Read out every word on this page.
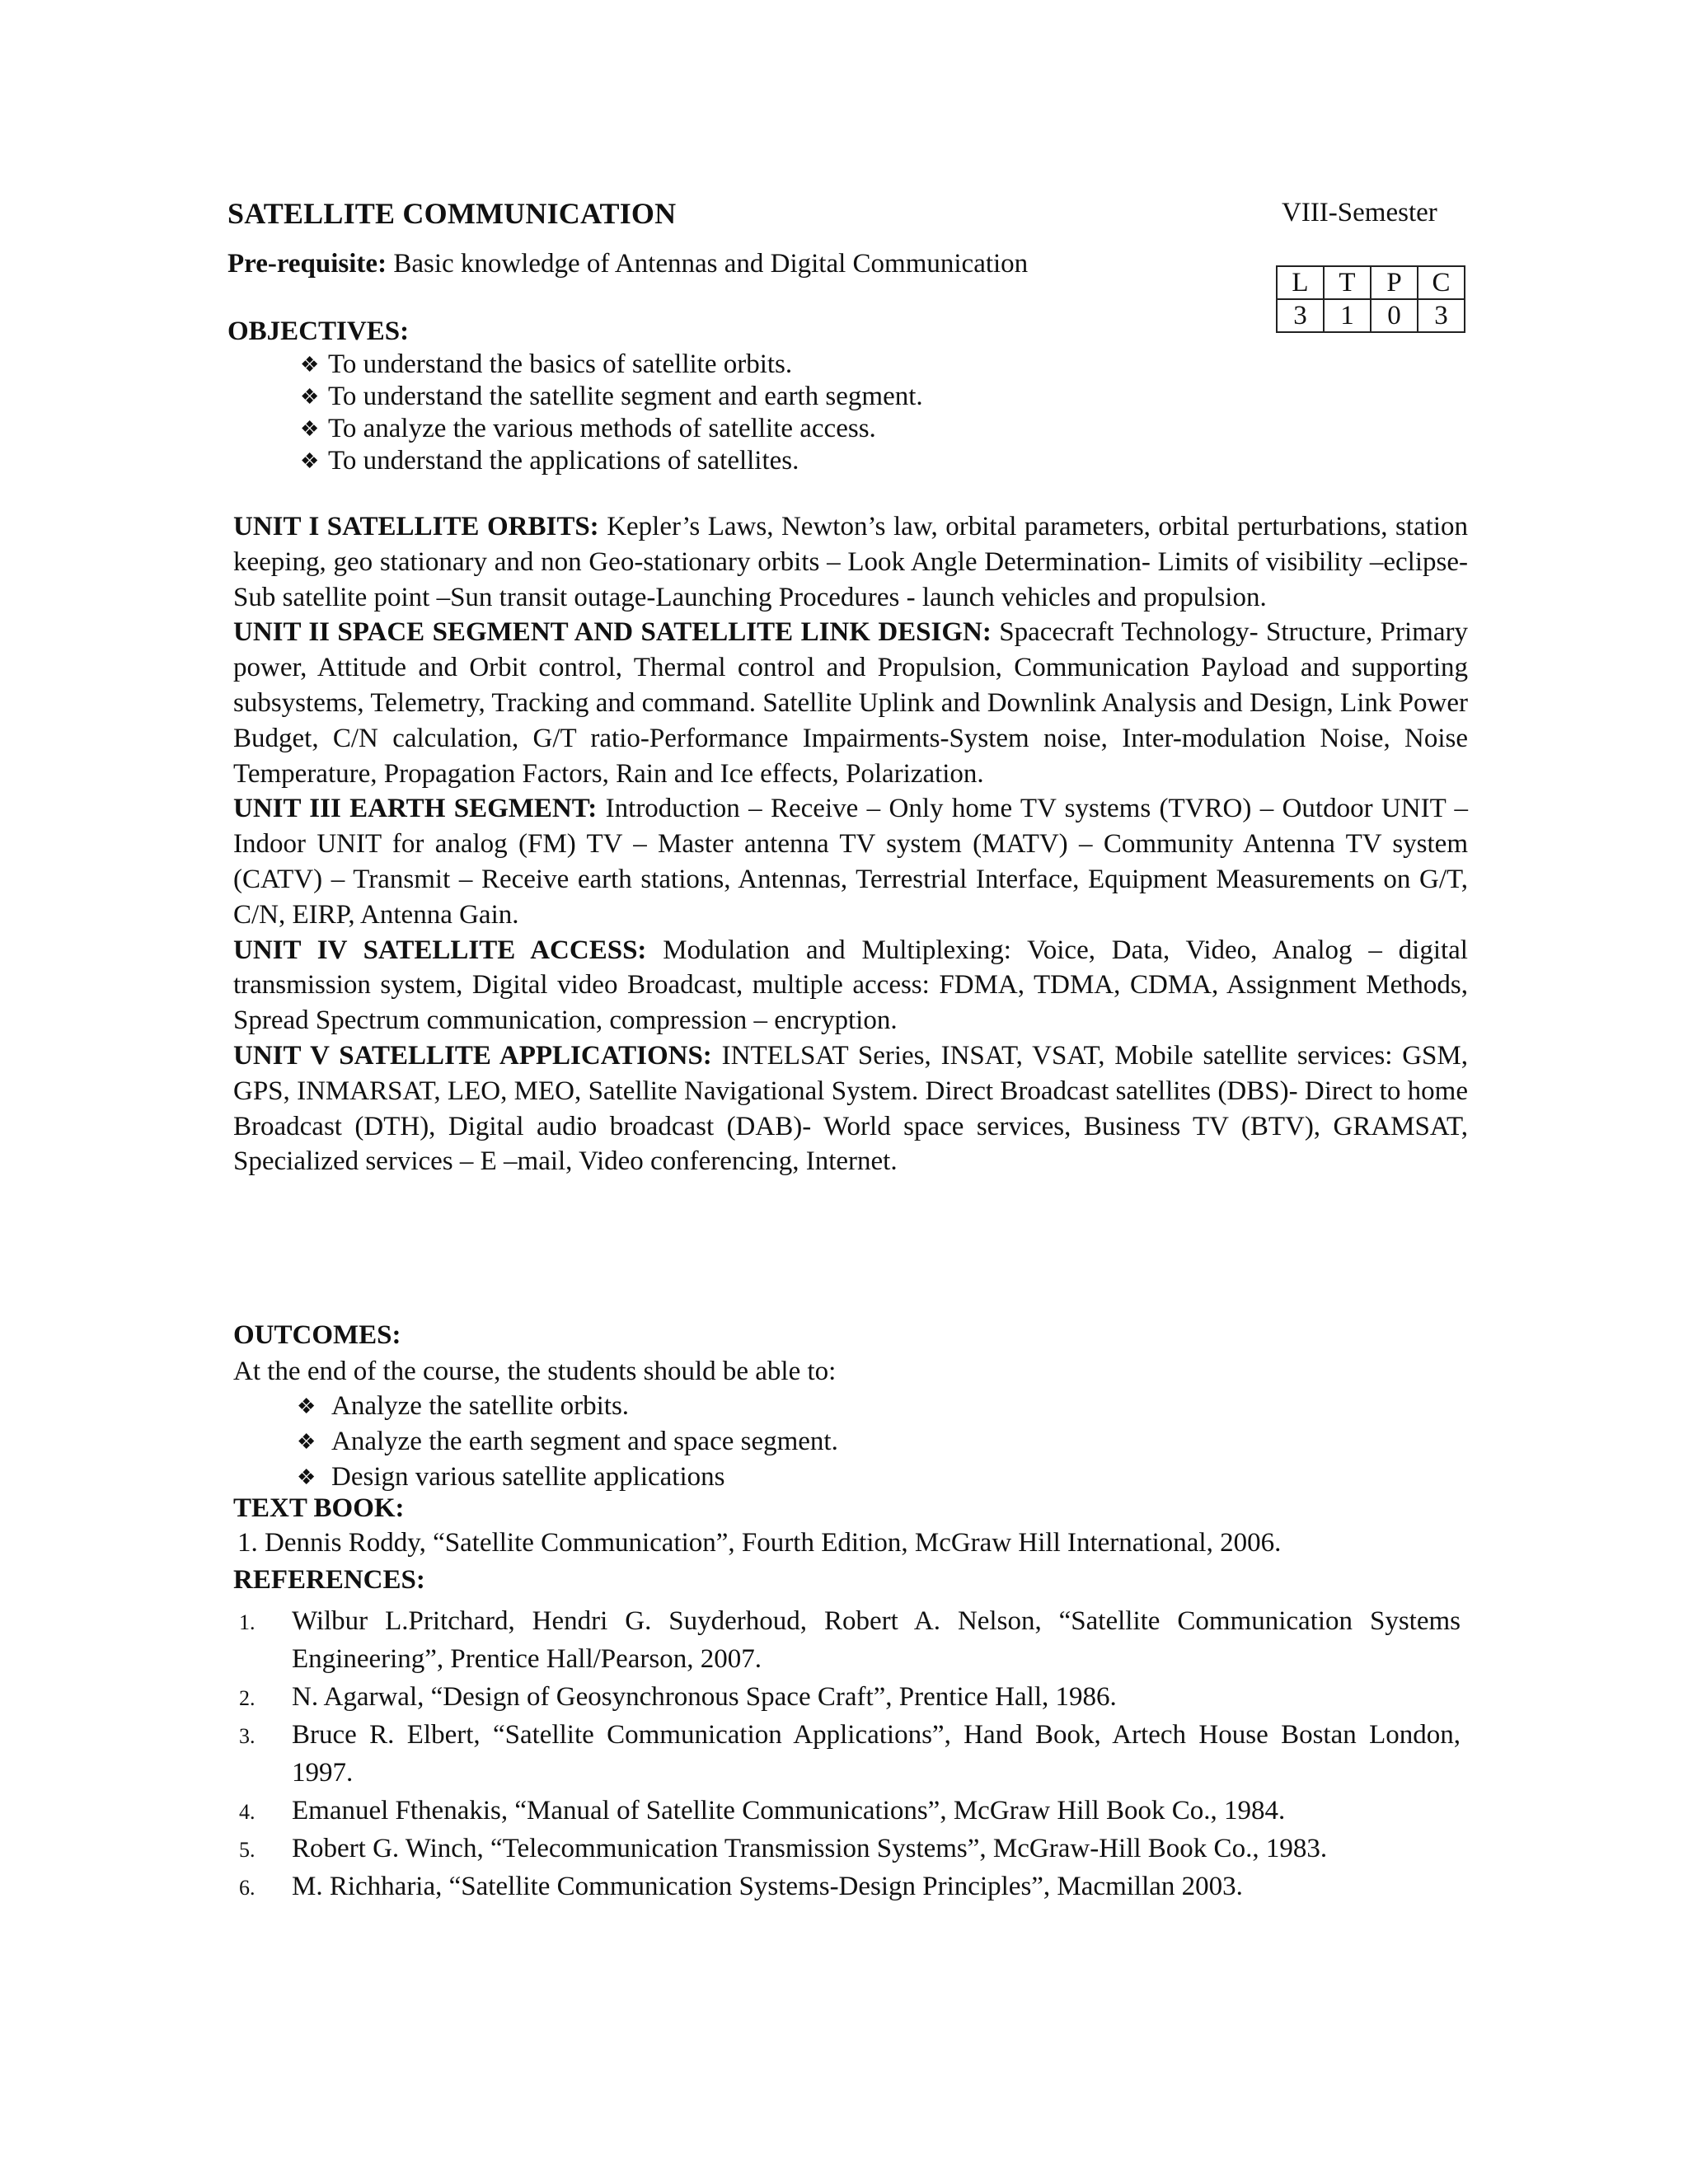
SATELLITE COMMUNICATION	VIII-Semester

Pre-requisite: Basic knowledge of Antennas and Digital Communication

L	T	P	C
3	1	0	3
OBJECTIVES:
❖ To understand the basics of satellite orbits.
❖ To understand the satellite segment and earth segment.
❖ To analyze the various methods of satellite access.
❖ To understand the applications of satellites.

UNIT I SATELLITE ORBITS: Kepler’s Laws, Newton’s law, orbital parameters, orbital perturbations, station keeping, geo stationary and non Geo-stationary orbits – Look Angle Determination- Limits of visibility –eclipse-Sub satellite point –Sun transit outage-Launching Procedures - launch vehicles and propulsion.

UNIT II SPACE SEGMENT AND SATELLITE LINK DESIGN: Spacecraft Technology- Structure, Primary power, Attitude and Orbit control, Thermal control and Propulsion, Communication Payload and supporting subsystems, Telemetry, Tracking and command. Satellite Uplink and Downlink Analysis and Design, Link Power Budget, C/N calculation, G/T ratio-Performance Impairments-System noise, Inter-modulation Noise, Noise Temperature, Propagation Factors, Rain and Ice effects, Polarization.

UNIT III EARTH SEGMENT: Introduction – Receive – Only home TV systems (TVRO) – Outdoor UNIT – Indoor UNIT for analog (FM) TV – Master antenna TV system (MATV) – Community Antenna TV system (CATV) – Transmit – Receive earth stations, Antennas, Terrestrial Interface, Equipment Measurements on G/T, C/N, EIRP, Antenna Gain.

UNIT IV SATELLITE ACCESS: Modulation and Multiplexing: Voice, Data, Video, Analog – digital transmission system, Digital video Broadcast, multiple access: FDMA, TDMA, CDMA, Assignment Methods, Spread Spectrum communication, compression – encryption.

UNIT V SATELLITE APPLICATIONS: INTELSAT Series, INSAT, VSAT, Mobile satellite services: GSM, GPS, INMARSAT, LEO, MEO, Satellite Navigational System. Direct Broadcast satellites (DBS)- Direct to home Broadcast (DTH), Digital audio broadcast (DAB)- World space services, Business TV (BTV), GRAMSAT, Specialized services – E –mail, Video conferencing, Internet.

OUTCOMES:
At the end of the course, the students should be able to:
❖ Analyze the satellite orbits.
❖ Analyze the earth segment and space segment.
❖ Design various satellite applications
TEXT BOOK:
1. Dennis Roddy, “Satellite Communication”, Fourth Edition, McGraw Hill International, 2006.
REFERENCES:
1. Wilbur L.Pritchard, Hendri G. Suyderhoud, Robert A. Nelson, “Satellite Communication Systems Engineering”, Prentice Hall/Pearson, 2007.
2. N. Agarwal, “Design of Geosynchronous Space Craft”, Prentice Hall, 1986.
3. Bruce R. Elbert, “Satellite Communication Applications”, Hand Book, Artech House Bostan London, 1997.
4. Emanuel Fthenakis, “Manual of Satellite Communications”, McGraw Hill Book Co., 1984.
5. Robert G. Winch, “Telecommunication Transmission Systems”, McGraw-Hill Book Co., 1983.
6. M. Richharia, “Satellite Communication Systems-Design Principles”, Macmillan 2003.
